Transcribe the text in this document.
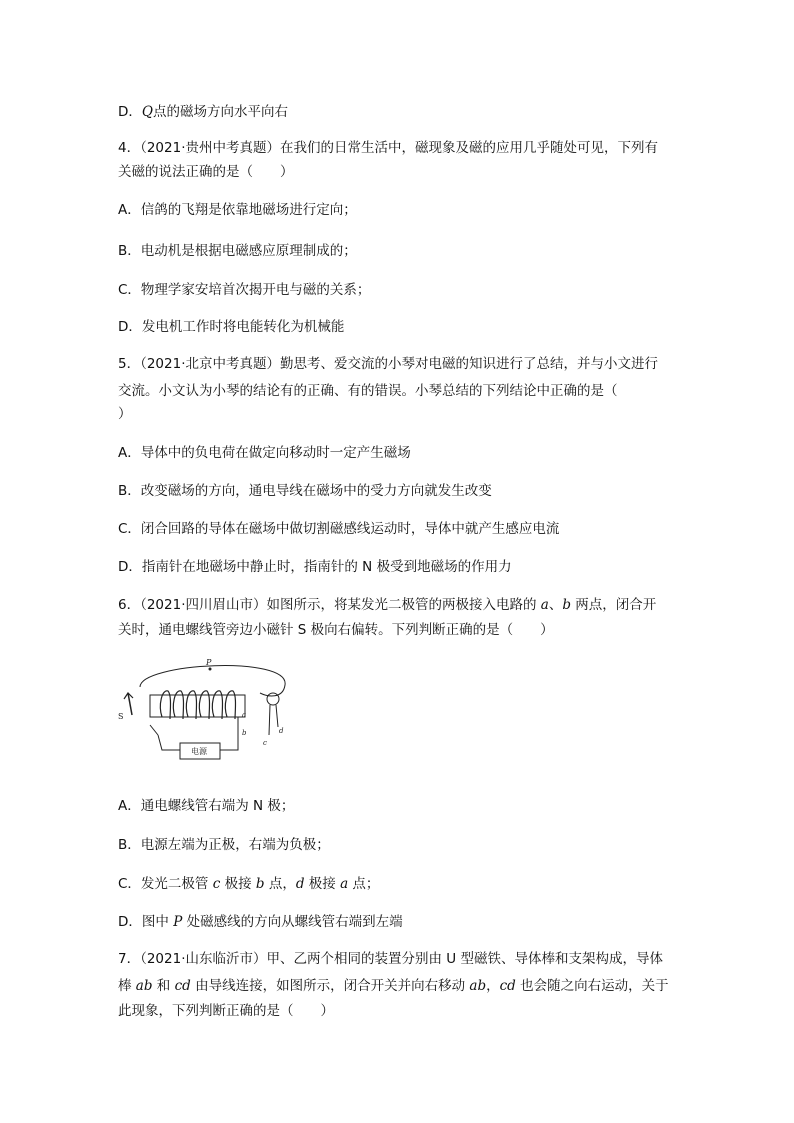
D．Q点的磁场方向水平向右
4．（2021·贵州中考真题）在我们的日常生活中，磁现象及磁的应用几乎随处可见，下列有
关磁的说法正确的是（　　）
A．信鸽的飞翔是依靠地磁场进行定向；
B．电动机是根据电磁感应原理制成的；
C．物理学家安培首次揭开电与磁的关系；
D．发电机工作时将电能转化为机械能
5．（2021·北京中考真题）勤思考、爱交流的小琴对电磁的知识进行了总结，并与小文进行
交流。小文认为小琴的结论有的正确、有的错误。小琴总结的下列结论中正确的是（
）
A．导体中的负电荷在做定向移动时一定产生磁场
B．改变磁场的方向，通电导线在磁场中的受力方向就发生改变
C．闭合回路的导体在磁场中做切割磁感线运动时，导体中就产生感应电流
D．指南针在地磁场中静止时，指南针的 N 极受到地磁场的作用力
6．（2021·四川眉山市）如图所示，将某发光二极管的两极接入电路的 a、b 两点，闭合开
关时，通电螺线管旁边小磁针 S 极向右偏转。下列判断正确的是（　　）
P
S	a
b
c
d
电源
A．通电螺线管右端为 N 极；
B．电源左端为正极，右端为负极；
C．发光二极管 c 极接 b 点，d 极接 a 点；
D．图中 P 处磁感线的方向从螺线管右端到左端
7．（2021·山东临沂市）甲、乙两个相同的装置分别由 U 型磁铁、导体棒和支架构成，导体
棒 ab 和 cd 由导线连接，如图所示，闭合开关并向右移动 ab，cd 也会随之向右运动，关于
此现象，下列判断正确的是（　　）
